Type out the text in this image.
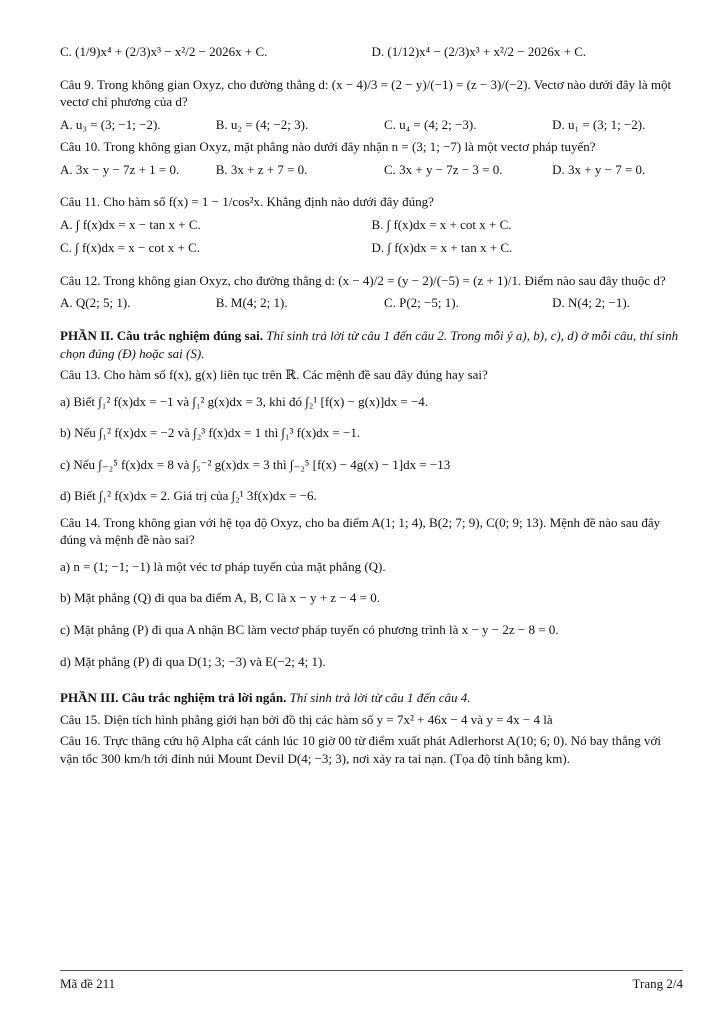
C. (1/9)x⁴ + (2/3)x³ − x²/2 − 2026x + C.	D. (1/12)x⁴ − (2/3)x³ + x²/2 − 2026x + C.

Câu 9. Trong không gian Oxyz, cho đường thẳng d: (x − 4)/3 = (2 − y)/(−1) = (z − 3)/(−2). Vectơ nào dưới đây là một vectơ chỉ phương của d?

A. u₃ = (3; −1; −2).	B. u₂ = (4; −2; 3).	C. u₄ = (4; 2; −3).	D. u₁ = (3; 1; −2).

Câu 10. Trong không gian Oxyz, mặt phẳng nào dưới đây nhận n = (3; 1; −7) là một vectơ pháp tuyến?

A. 3x − y − 7z + 1 = 0.	B. 3x + z + 7 = 0.	C. 3x + y − 7z − 3 = 0.	D. 3x + y − 7 = 0.

Câu 11. Cho hàm số f(x) = 1 − 1/cos²x. Khẳng định nào dưới đây đúng?

A. ∫ f(x)dx = x − tan x + C.	B. ∫ f(x)dx = x + cot x + C.
C. ∫ f(x)dx = x − cot x + C.	D. ∫ f(x)dx = x + tan x + C.

Câu 12. Trong không gian Oxyz, cho đường thẳng d: (x − 4)/2 = (y − 2)/(−5) = (z + 1)/1. Điểm nào sau đây thuộc d?

A. Q(2; 5; 1).	B. M(4; 2; 1).	C. P(2; −5; 1).	D. N(4; 2; −1).

PHẦN II. Câu trắc nghiệm đúng sai. Thí sinh trả lời từ câu 1 đến câu 2. Trong mỗi ý a), b), c), d) ở mỗi câu, thí sinh chọn đúng (Đ) hoặc sai (S).

Câu 13. Cho hàm số f(x), g(x) liên tục trên ℝ. Các mệnh đề sau đây đúng hay sai?

a) Biết ∫₁² f(x)dx = −1 và ∫₁² g(x)dx = 3, khi đó ∫₂¹ [f(x) − g(x)]dx = −4.
b) Nếu ∫₁² f(x)dx = −2 và ∫₂³ f(x)dx = 1 thì ∫₁³ f(x)dx = −1.
c) Nếu ∫₋₂⁵ f(x)dx = 8 và ∫₅⁻² g(x)dx = 3 thì ∫₋₂⁵ [f(x) − 4g(x) − 1]dx = −13
d) Biết ∫₁² f(x)dx = 2. Giá trị của ∫₂¹ 3f(x)dx = −6.

Câu 14. Trong không gian với hệ tọa độ Oxyz, cho ba điểm A(1; 1; 4), B(2; 7; 9), C(0; 9; 13). Mệnh đề nào sau đây đúng và mệnh đề nào sai?

a) n = (1; −1; −1) là một véc tơ pháp tuyến của mặt phẳng (Q).
b) Mặt phẳng (Q) đi qua ba điểm A, B, C là x − y + z − 4 = 0.
c) Mặt phẳng (P) đi qua A nhận BC làm vectơ pháp tuyến có phương trình là x − y − 2z − 8 = 0.
d) Mặt phẳng (P) đi qua D(1; 3; −3) và E(−2; 4; 1).

PHẦN III. Câu trắc nghiệm trả lời ngắn. Thí sinh trả lời từ câu 1 đến câu 4.

Câu 15. Diện tích hình phẳng giới hạn bởi đồ thị các hàm số y = 7x² + 46x − 4 và y = 4x − 4 là

Câu 16. Trực thăng cứu hộ Alpha cất cánh lúc 10 giờ 00 từ điểm xuất phát Adlerhorst A(10; 6; 0). Nó bay thẳng với vận tốc 300 km/h tới đỉnh núi Mount Devil D(4; −3; 3), nơi xảy ra tai nạn. (Tọa độ tính bằng km).

Mã đề 211	Trang 2/4
